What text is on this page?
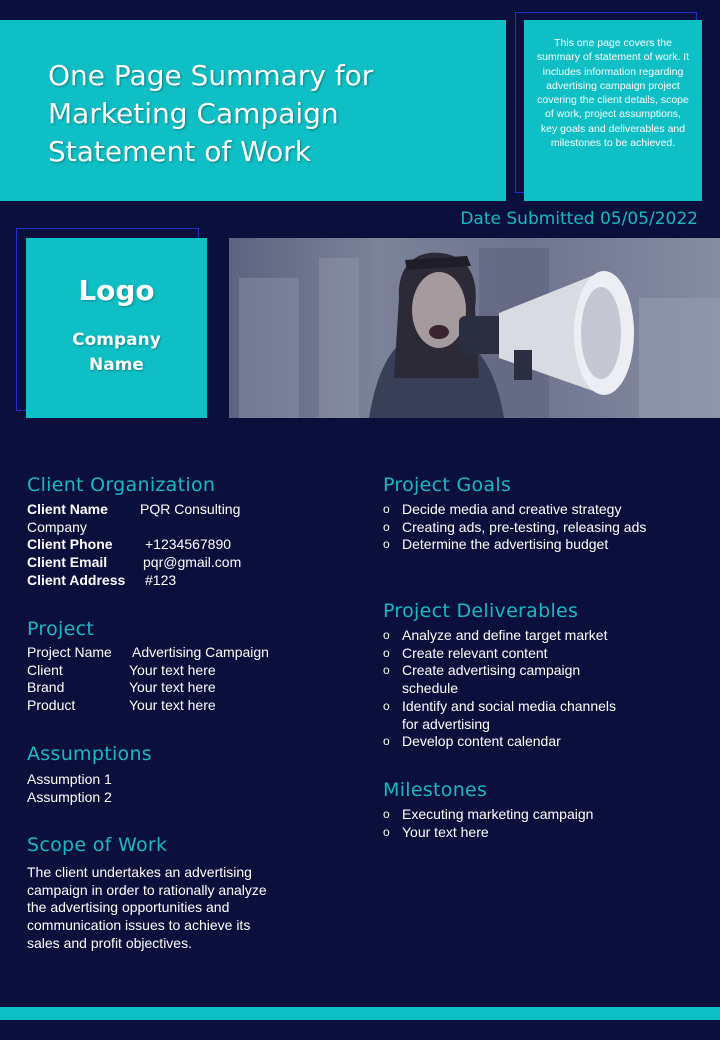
One Page Summary for Marketing Campaign Statement of Work
This one page covers the summary of statement of work. It includes information regarding advertising campaign project covering the client details, scope of work, project assumptions, key goals and deliverables and milestones to be achieved.
Date Submitted 05/05/2022
Logo
Company Name
Client Organization
Client Name PQR Consulting
Company
Client Phone +1234567890
Client Email	pqr@gmail.com
Client Address #123
Project
Project Name Advertising Campaign
Client	Your text here
Brand	Your text here
Product	Your text here
Assumptions
Assumption 1
Assumption 2
Scope of Work
The client undertakes an advertising campaign in order to rationally analyze the advertising opportunities and communication issues to achieve its sales and profit objectives.
Project Goals
o Decide media and creative strategy
o Creating ads, pre-testing, releasing ads
o Determine the advertising budget
Project Deliverables
o Analyze and define target market
o Create relevant content
o Create advertising campaign schedule
o Identify and social media channels for advertising
o Develop content calendar
Milestones
o Executing marketing campaign
o Your text here
